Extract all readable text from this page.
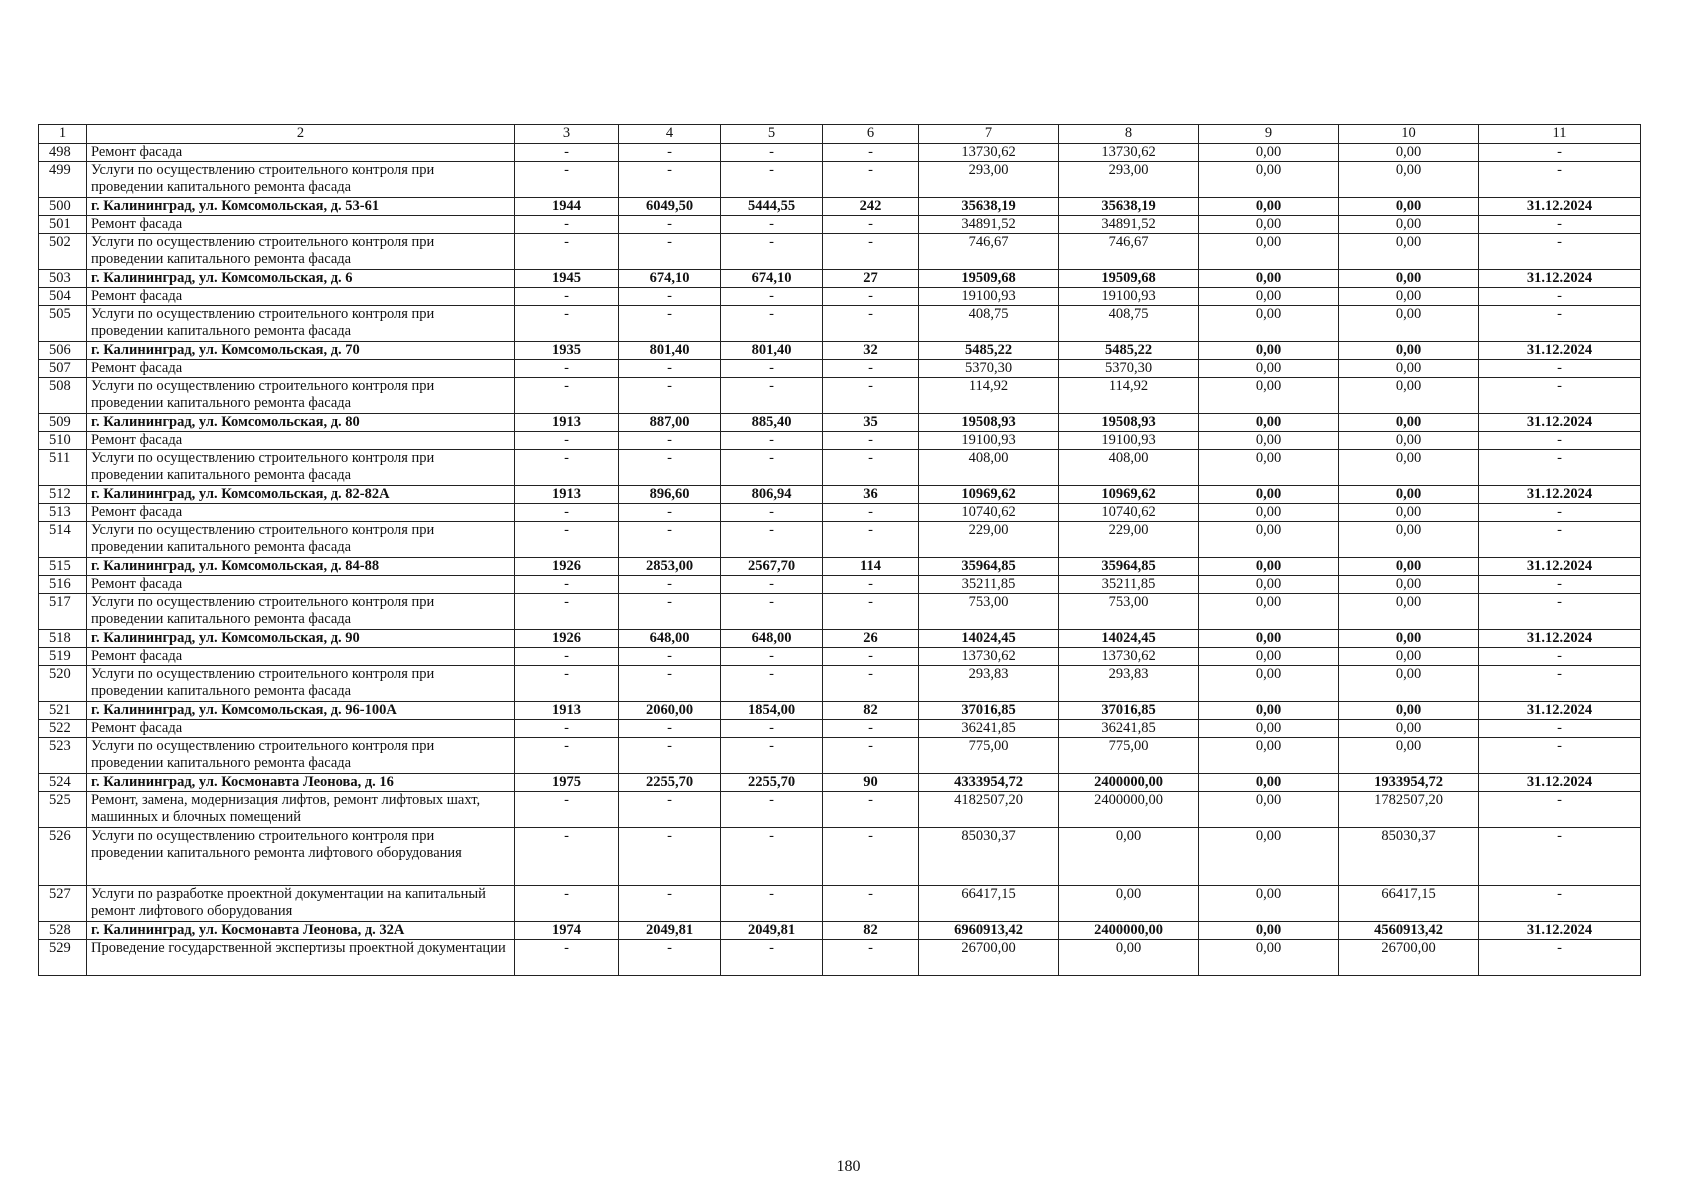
1	2	3	4	5	6	7	8	9	10	11
498	Ремонт фасада	-	-	-	-	13730,62	13730,62	0,00	0,00	-
499	Услуги по осуществлению строительного контроля при проведении капитального ремонта фасада	-	-	-	-	293,00	293,00	0,00	0,00	-
500	г. Калининград, ул. Комсомольская, д. 53-61	1944	6049,50	5444,55	242	35638,19	35638,19	0,00	0,00	31.12.2024
501	Ремонт фасада	-	-	-	-	34891,52	34891,52	0,00	0,00	-
502	Услуги по осуществлению строительного контроля при проведении капитального ремонта фасада	-	-	-	-	746,67	746,67	0,00	0,00	-
503	г. Калининград, ул. Комсомольская, д. 6	1945	674,10	674,10	27	19509,68	19509,68	0,00	0,00	31.12.2024
504	Ремонт фасада	-	-	-	-	19100,93	19100,93	0,00	0,00	-
505	Услуги по осуществлению строительного контроля при проведении капитального ремонта фасада	-	-	-	-	408,75	408,75	0,00	0,00	-
506	г. Калининград, ул. Комсомольская, д. 70	1935	801,40	801,40	32	5485,22	5485,22	0,00	0,00	31.12.2024
507	Ремонт фасада	-	-	-	-	5370,30	5370,30	0,00	0,00	-
508	Услуги по осуществлению строительного контроля при проведении капитального ремонта фасада	-	-	-	-	114,92	114,92	0,00	0,00	-
509	г. Калининград, ул. Комсомольская, д. 80	1913	887,00	885,40	35	19508,93	19508,93	0,00	0,00	31.12.2024
510	Ремонт фасада	-	-	-	-	19100,93	19100,93	0,00	0,00	-
511	Услуги по осуществлению строительного контроля при проведении капитального ремонта фасада	-	-	-	-	408,00	408,00	0,00	0,00	-
512	г. Калининград, ул. Комсомольская, д. 82-82А	1913	896,60	806,94	36	10969,62	10969,62	0,00	0,00	31.12.2024
513	Ремонт фасада	-	-	-	-	10740,62	10740,62	0,00	0,00	-
514	Услуги по осуществлению строительного контроля при проведении капитального ремонта фасада	-	-	-	-	229,00	229,00	0,00	0,00	-
515	г. Калининград, ул. Комсомольская, д. 84-88	1926	2853,00	2567,70	114	35964,85	35964,85	0,00	0,00	31.12.2024
516	Ремонт фасада	-	-	-	-	35211,85	35211,85	0,00	0,00	-
517	Услуги по осуществлению строительного контроля при проведении капитального ремонта фасада	-	-	-	-	753,00	753,00	0,00	0,00	-
518	г. Калининград, ул. Комсомольская, д. 90	1926	648,00	648,00	26	14024,45	14024,45	0,00	0,00	31.12.2024
519	Ремонт фасада	-	-	-	-	13730,62	13730,62	0,00	0,00	-
520	Услуги по осуществлению строительного контроля при проведении капитального ремонта фасада	-	-	-	-	293,83	293,83	0,00	0,00	-
521	г. Калининград, ул. Комсомольская, д. 96-100А	1913	2060,00	1854,00	82	37016,85	37016,85	0,00	0,00	31.12.2024
522	Ремонт фасада	-	-	-	-	36241,85	36241,85	0,00	0,00	-
523	Услуги по осуществлению строительного контроля при проведении капитального ремонта фасада	-	-	-	-	775,00	775,00	0,00	0,00	-
524	г. Калининград, ул. Космонавта Леонова, д. 16	1975	2255,70	2255,70	90	4333954,72	2400000,00	0,00	1933954,72	31.12.2024
525	Ремонт, замена, модернизация лифтов, ремонт лифтовых шахт, машинных и блочных помещений	-	-	-	-	4182507,20	2400000,00	0,00	1782507,20	-
526	Услуги по осуществлению строительного контроля при проведении капитального ремонта лифтового оборудования	-	-	-	-	85030,37	0,00	0,00	85030,37	-
527	Услуги по разработке проектной документации на капитальный ремонт лифтового оборудования	-	-	-	-	66417,15	0,00	0,00	66417,15	-
528	г. Калининград, ул. Космонавта Леонова, д. 32А	1974	2049,81	2049,81	82	6960913,42	2400000,00	0,00	4560913,42	31.12.2024
529	Проведение государственной экспертизы проектной документации	-	-	-	-	26700,00	0,00	0,00	26700,00	-
180
